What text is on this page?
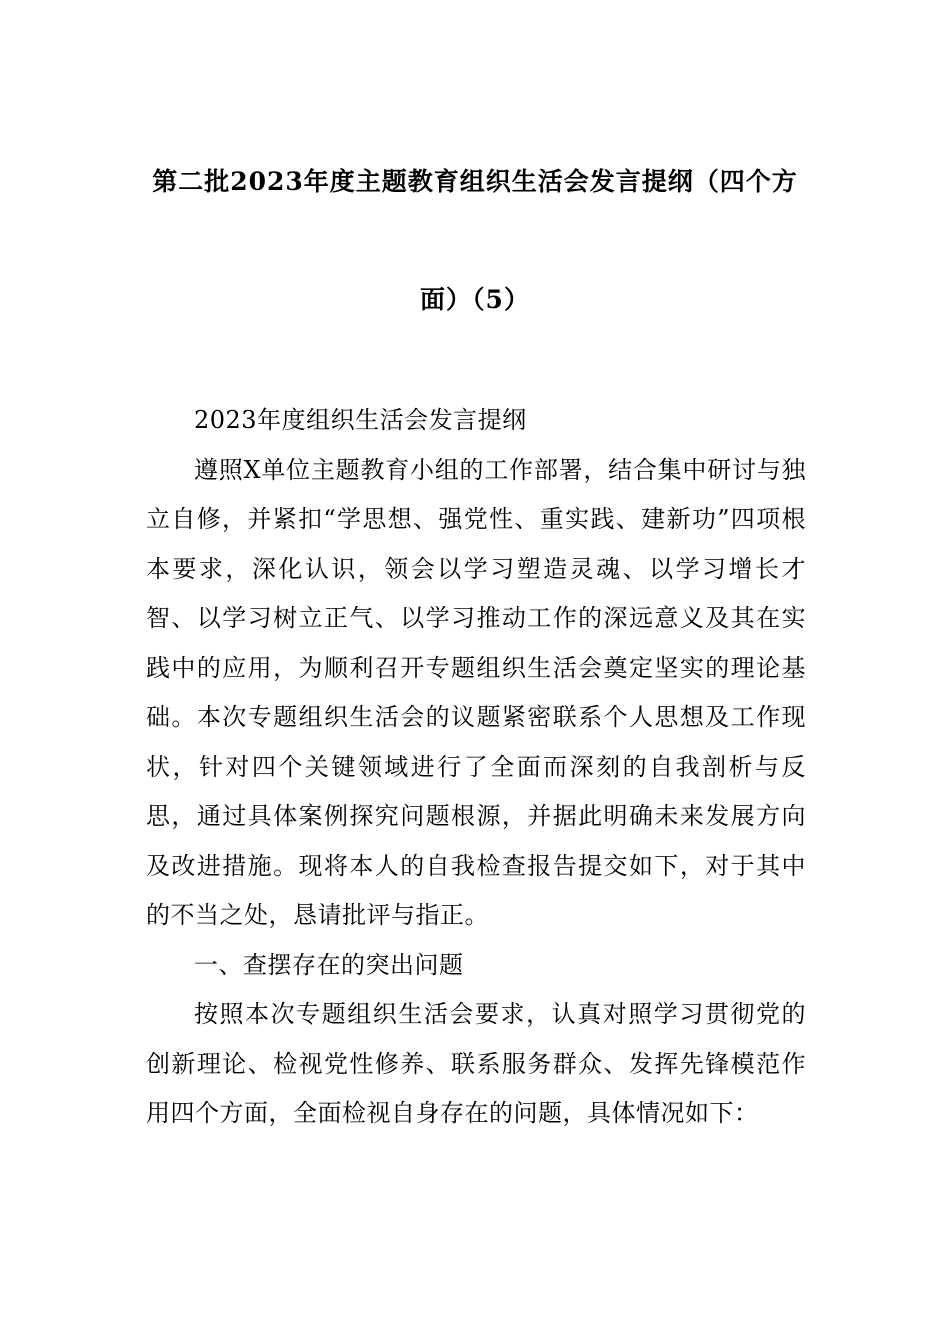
第二批2023年度主题教育组织生活会发言提纲（四个方
面）（5）

2023年度组织生活会发言提纲

遵照X单位主题教育小组的工作部署，结合集中研讨与独立自修，并紧扣“学思想、强党性、重实践、建新功”四项根本要求，深化认识，领会以学习塑造灵魂、以学习增长才智、以学习树立正气、以学习推动工作的深远意义及其在实践中的应用，为顺利召开专题组织生活会奠定坚实的理论基础。本次专题组织生活会的议题紧密联系个人思想及工作现状，针对四个关键领域进行了全面而深刻的自我剖析与反思，通过具体案例探究问题根源，并据此明确未来发展方向及改进措施。现将本人的自我检查报告提交如下，对于其中的不当之处，恳请批评与指正。

一、查摆存在的突出问题

按照本次专题组织生活会要求，认真对照学习贯彻党的创新理论、检视党性修养、联系服务群众、发挥先锋模范作用四个方面，全面检视自身存在的问题，具体情况如下：
